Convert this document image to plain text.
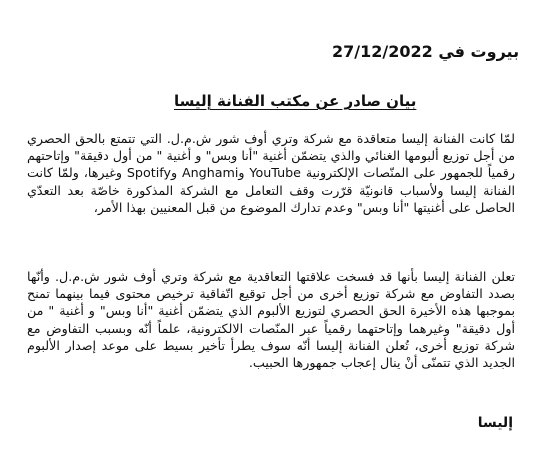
بيروت في 27/12/2022
بيان صادر عن مكتب الفنانة إليسا
لمّا كانت الفنانة إليسا متعاقدة مع شركة وتري أوف شور ش.م.ل. التي تتمتع بالحق الحصري من أجل توزيع ألبومها الغنائي والذي يتضمّن أغنية "أنا وبس" و أغنية " من أول دقيقة" وإتاحتهم رقمياً للجمهور على المنّصات الإلكترونية YouTube وAnghami وSpotify وغيرها، ولمّا كانت الفنانة إليسا ولأسباب قانونيّة قرّرت وقف التعامل مع الشركة المذكورة خاصّة بعد التعدّي الحاصل على أغنيتها "أنا وبس" وعدم تدارك الموضوع من قبل المعنيين بهذا الأمر،
تعلن الفنانة إليسا بأنها قد فسخت علاقتها التعاقدية مع شركة وتري أوف شور ش.م.ل. وأنّها بصدد التفاوض مع شركة توزيع أخرى من أجل توقيع اتّفاقية ترخيص محتوى فيما بينهما تمنح بموجبها هذه الأخيرة الحق الحصري لتوزيع الألبوم الذي يتضمّن أغنية "أنا وبس" و أغنية " من أول دقيقة" وغيرهما وإتاحتهما رقمياً عبر المنّصات الالكترونية، علماً أنّه وبسبب التفاوض مع شركة توزيع أخرى، تُعلن الفنانة إليسا أنّه سوف يطرأ تأخير بسيط على موعد إصدار الألبوم الجديد الذي تتمنّى أنْ ينال إعجاب جمهورها الحبيب.
إليسا
